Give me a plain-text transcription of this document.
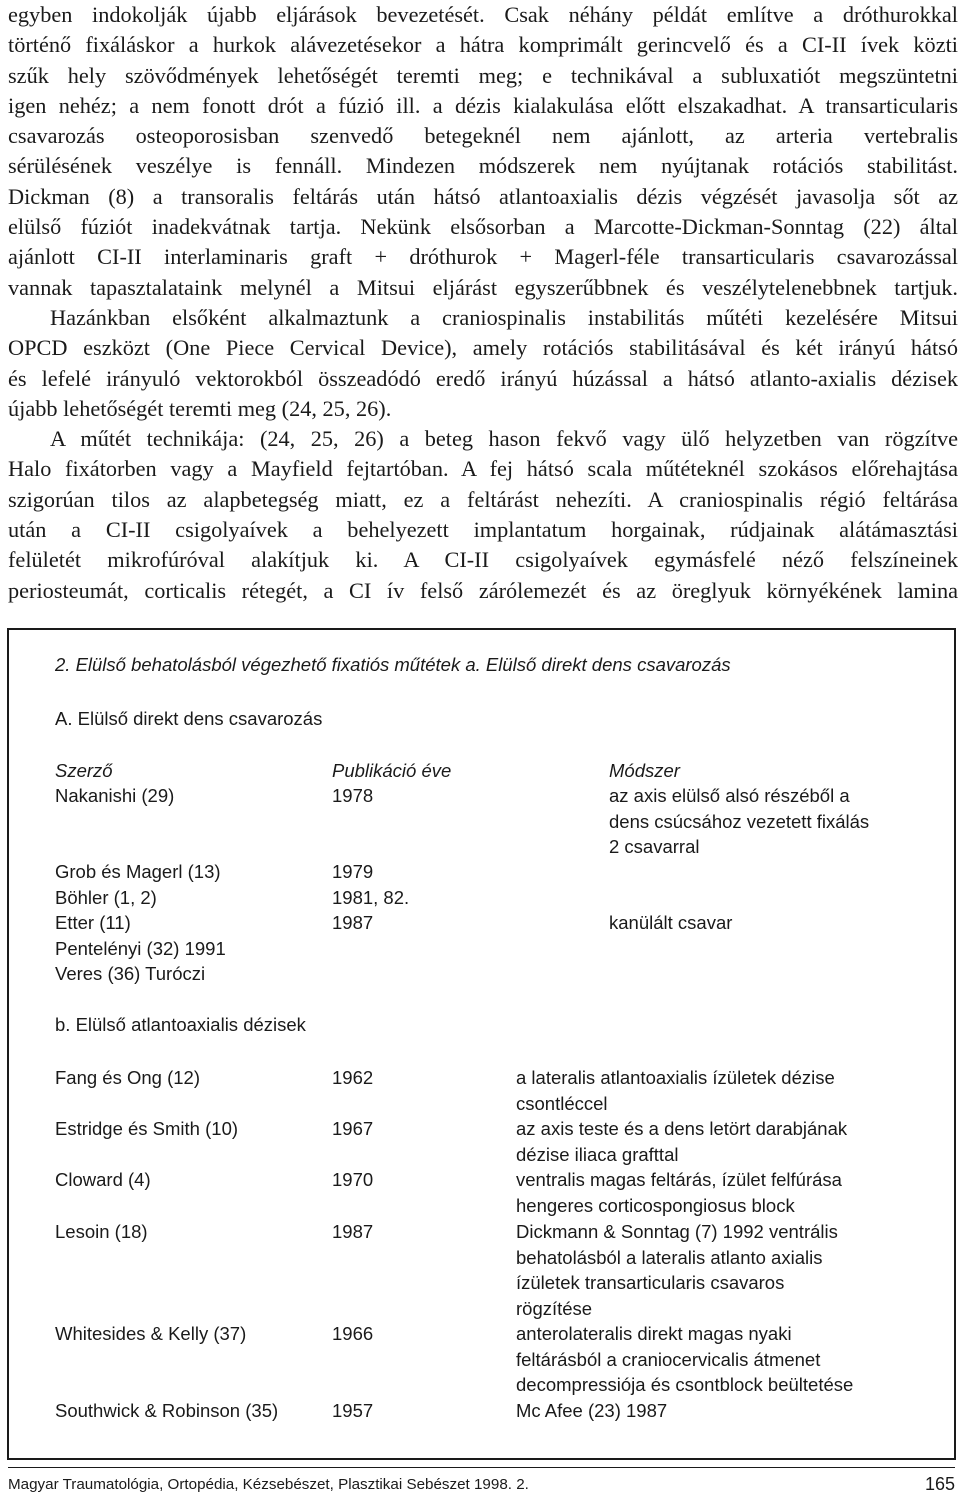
egyben indokolják újabb eljárások bevezetését. Csak néhány példát említve a dróthurokkal
történő fixáláskor a hurkok alávezetésekor a hátra komprimált gerincvelő és a CI-II ívek közti
szűk hely szövődmények lehetőségét teremti meg; e technikával a subluxatiót megszüntetni
igen nehéz; a nem fonott drót a fúzió ill. a dézis kialakulása előtt elszakadhat. A transarticularis
csavarozás osteoporosisban szenvedő betegeknél nem ajánlott, az arteria vertebralis
sérülésének veszélye is fennáll. Mindezen módszerek nem nyújtanak rotációs stabilitást.
Dickman (8) a transoralis feltárás után hátsó atlantoaxialis dézis végzését javasolja sőt az
elülső fúziót inadekvátnak tartja. Nekünk elsősorban a Marcotte-Dickman-Sonntag (22) által
ajánlott CI-II interlaminaris graft + dróthurok + Magerl-féle transarticularis csavarozással
vannak tapasztalataink melynél a Mitsui eljárást egyszerűbbnek és veszélytelenebbnek tartjuk.
Hazánkban elsőként alkalmaztunk a craniospinalis instabilitás műtéti kezelésére Mitsui
OPCD eszközt (One Piece Cervical Device), amely rotációs stabilitásával és két irányú hátsó
és lefelé irányuló vektorokból összeadódó eredő irányú húzással a hátsó atlanto-axialis dézisek
újabb lehetőségét teremti meg (24, 25, 26).
A műtét technikája: (24, 25, 26) a beteg hason fekvő vagy ülő helyzetben van rögzítve
Halo fixátorben vagy a Mayfield fejtartóban. A fej hátsó scala műtéteknél szokásos előrehajtása
szigorúan tilos az alapbetegség miatt, ez a feltárást nehezíti. A craniospinalis régió feltárása
után a CI-II csigolyaívek a behelyezett implantatum horgainak, rúdjainak alátámasztási
felületét mikrofúróval alakítjuk ki. A CI-II csigolyaívek egymásfelé néző felszíneinek
periosteumát, corticalis rétegét, a CI ív felső zárólemezét és az öreglyuk környékének lamina
2. Elülső behatolásból végezhető fixatiós műtétek a. Elülső direkt dens csavarozás
A. Elülső direkt dens csavarozás
Szerző	Publikáció éve	Módszer
Nakanishi (29)	1978	az axis elülső alsó részéből a
dens csúcsához vezetett fixálás
2 csavarral
Grob és Magerl (13)	1979
Böhler (1, 2)	1981, 82.
Etter (11)	1987	kanülált csavar
Pentelényi (32) 1991
Veres (36) Turóczi
b. Elülső atlantoaxialis dézisek
Fang és Ong (12)	1962	a lateralis atlantoaxialis ízületek dézise
csontléccel
Estridge és Smith (10)	1967	az axis teste és a dens letört darabjának
dézise iliaca grafttal
Cloward (4)	1970	ventralis magas feltárás, ízület felfúrása
hengeres corticospongiosus block
Lesoin (18)	1987	Dickmann & Sonntag (7) 1992 ventrális
behatolásból a lateralis atlanto axialis
ízületek transarticularis csavaros
rögzítése
Whitesides & Kelly (37)	1966	anterolateralis direkt magas nyaki
feltárásból a craniocervicalis átmenet
decompressiója és csontblock beültetése
Southwick & Robinson (35)	1957	Mc Afee (23) 1987
Magyar Traumatológia, Ortopédia, Kézsebészet, Plasztikai Sebészet 1998. 2.	165
